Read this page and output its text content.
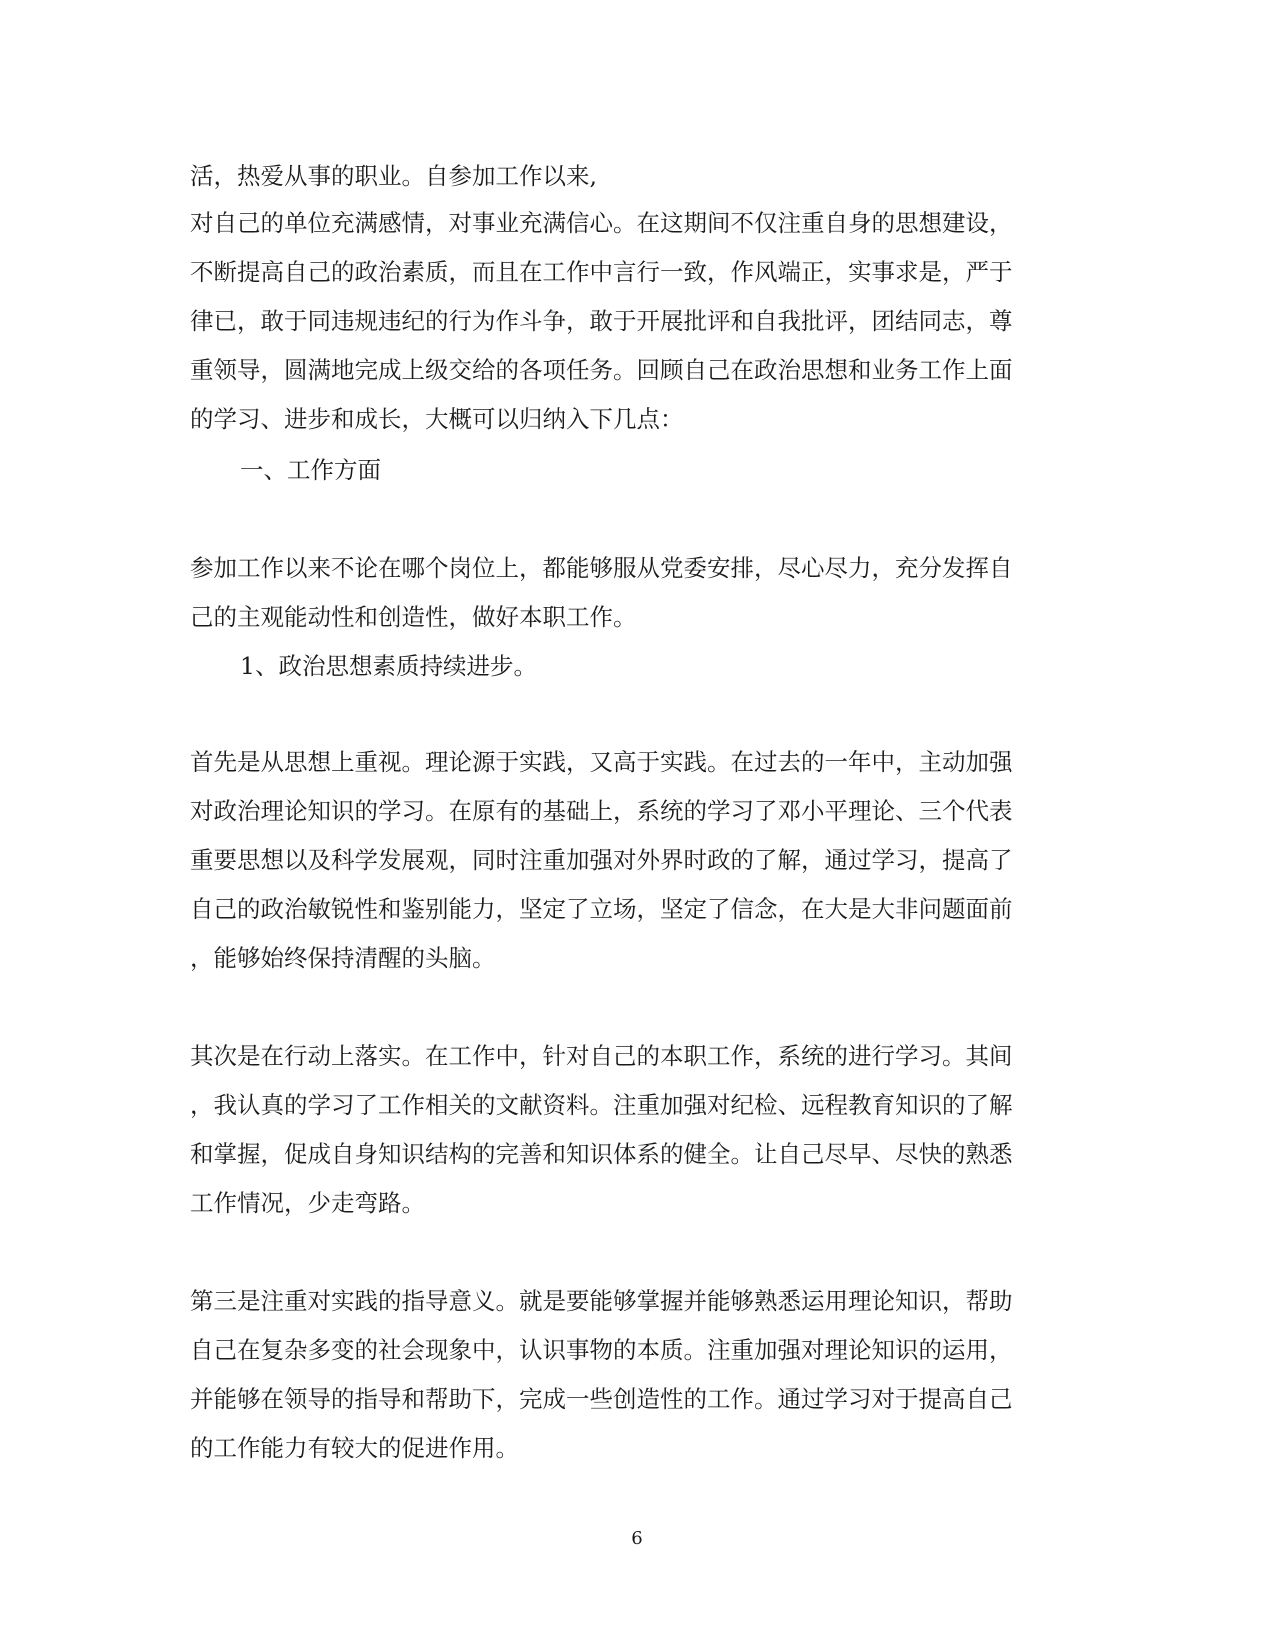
活，热爱从事的职业。自参加工作以来,
对自己的单位充满感情，对事业充满信心。在这期间不仅注重自身的思想建设，
不断提高自己的政治素质，而且在工作中言行一致，作风端正，实事求是，严于
律已，敢于同违规违纪的行为作斗争，敢于开展批评和自我批评，团结同志，尊
重领导，圆满地完成上级交给的各项任务。回顾自己在政治思想和业务工作上面
的学习、进步和成长，大概可以归纳入下几点：
一、工作方面
参加工作以来不论在哪个岗位上，都能够服从党委安排，尽心尽力，充分发挥自
己的主观能动性和创造性，做好本职工作。
1、政治思想素质持续进步。
首先是从思想上重视。理论源于实践，又高于实践。在过去的一年中，主动加强
对政治理论知识的学习。在原有的基础上，系统的学习了邓小平理论、三个代表
重要思想以及科学发展观，同时注重加强对外界时政的了解，通过学习，提高了
自己的政治敏锐性和鉴别能力，坚定了立场，坚定了信念，在大是大非问题面前
，能够始终保持清醒的头脑。
其次是在行动上落实。在工作中，针对自己的本职工作，系统的进行学习。其间
，我认真的学习了工作相关的文献资料。注重加强对纪检、远程教育知识的了解
和掌握，促成自身知识结构的完善和知识体系的健全。让自己尽早、尽快的熟悉
工作情况，少走弯路。
第三是注重对实践的指导意义。就是要能够掌握并能够熟悉运用理论知识，帮助
自己在复杂多变的社会现象中，认识事物的本质。注重加强对理论知识的运用，
并能够在领导的指导和帮助下，完成一些创造性的工作。通过学习对于提高自己
的工作能力有较大的促进作用。
6
